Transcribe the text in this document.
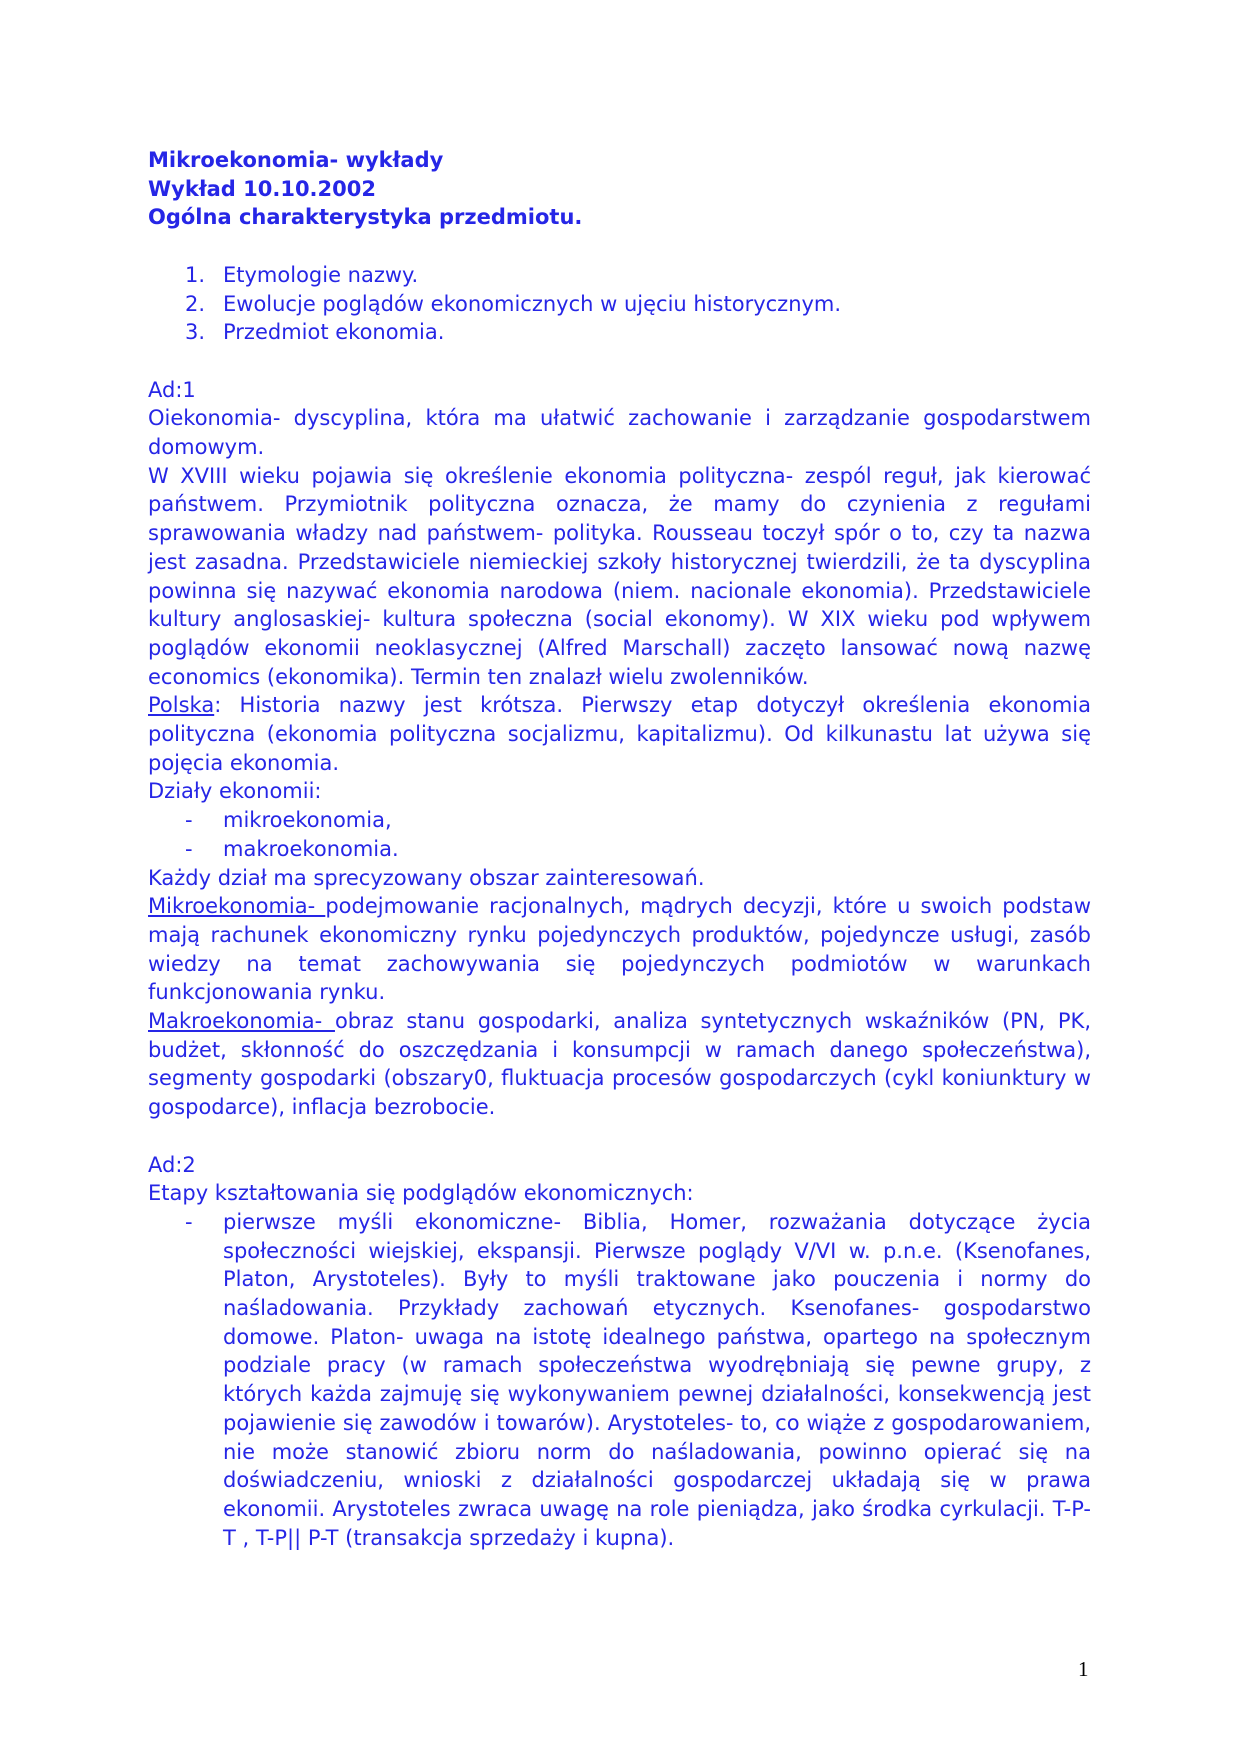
Mikroekonomia- wykłady
Wykład 10.10.2002
Ogólna charakterystyka przedmiotu.
1. Etymologie nazwy.
2. Ewolucje poglądów ekonomicznych w ujęciu historycznym.
3. Przedmiot ekonomia.
Ad:1
Oiekonomia- dyscyplina, która ma ułatwić zachowanie i zarządzanie gospodarstwem domowym.
W XVIII wieku pojawia się określenie ekonomia polityczna- zespól reguł, jak kierować państwem. Przymiotnik polityczna oznacza, że mamy do czynienia z regułami sprawowania władzy nad państwem- polityka. Rousseau toczył spór o to, czy ta nazwa jest zasadna. Przedstawiciele niemieckiej szkoły historycznej twierdzili, że ta dyscyplina powinna się nazywać ekonomia narodowa (niem. nacionale ekonomia). Przedstawiciele kultury anglosaskiej- kultura społeczna (social ekonomy). W XIX wieku pod wpływem poglądów ekonomii neoklasycznej (Alfred Marschall) zaczęto lansować nową nazwę economics (ekonomika). Termin ten znalazł wielu zwolenników.
Polska: Historia nazwy jest krótsza. Pierwszy etap dotyczył określenia ekonomia polityczna (ekonomia polityczna socjalizmu, kapitalizmu). Od kilkunastu lat używa się pojęcia ekonomia.
Działy ekonomii:
- mikroekonomia,
- makroekonomia.
Każdy dział ma sprecyzowany obszar zainteresowań.
Mikroekonomia- podejmowanie racjonalnych, mądrych decyzji, które u swoich podstaw mają rachunek ekonomiczny rynku pojedynczych produktów, pojedyncze usługi, zasób wiedzy na temat zachowywania się pojedynczych podmiotów w warunkach funkcjonowania rynku.
Makroekonomia- obraz stanu gospodarki, analiza syntetycznych wskaźników (PN, PK, budżet, skłonność do oszczędzania i konsumpcji w ramach danego społeczeństwa), segmenty gospodarki (obszary0, fluktuacja procesów gospodarczych (cykl koniunktury w gospodarce), inflacja bezrobocie.
Ad:2
Etapy kształtowania się podglądów ekonomicznych:
- pierwsze myśli ekonomiczne- Biblia, Homer, rozważania dotyczące życia społeczności wiejskiej, ekspansji. Pierwsze poglądy V/VI w. p.n.e. (Ksenofanes, Platon, Arystoteles). Były to myśli traktowane jako pouczenia i normy do naśladowania. Przykłady zachowań etycznych. Ksenofanes- gospodarstwo domowe. Platon- uwaga na istotę idealnego państwa, opartego na społecznym podziale pracy (w ramach społeczeństwa wyodrębniają się pewne grupy, z których każda zajmuję się wykonywaniem pewnej działalności, konsekwencją jest pojawienie się zawodów i towarów). Arystoteles- to, co wiąże z gospodarowaniem, nie może stanowić zbioru norm do naśladowania, powinno opierać się na doświadczeniu, wnioski z działalności gospodarczej układają się w prawa ekonomii. Arystoteles zwraca uwagę na role pieniądza, jako środka cyrkulacji. T-P-T , T-P|| P-T (transakcja sprzedaży i kupna).
1
